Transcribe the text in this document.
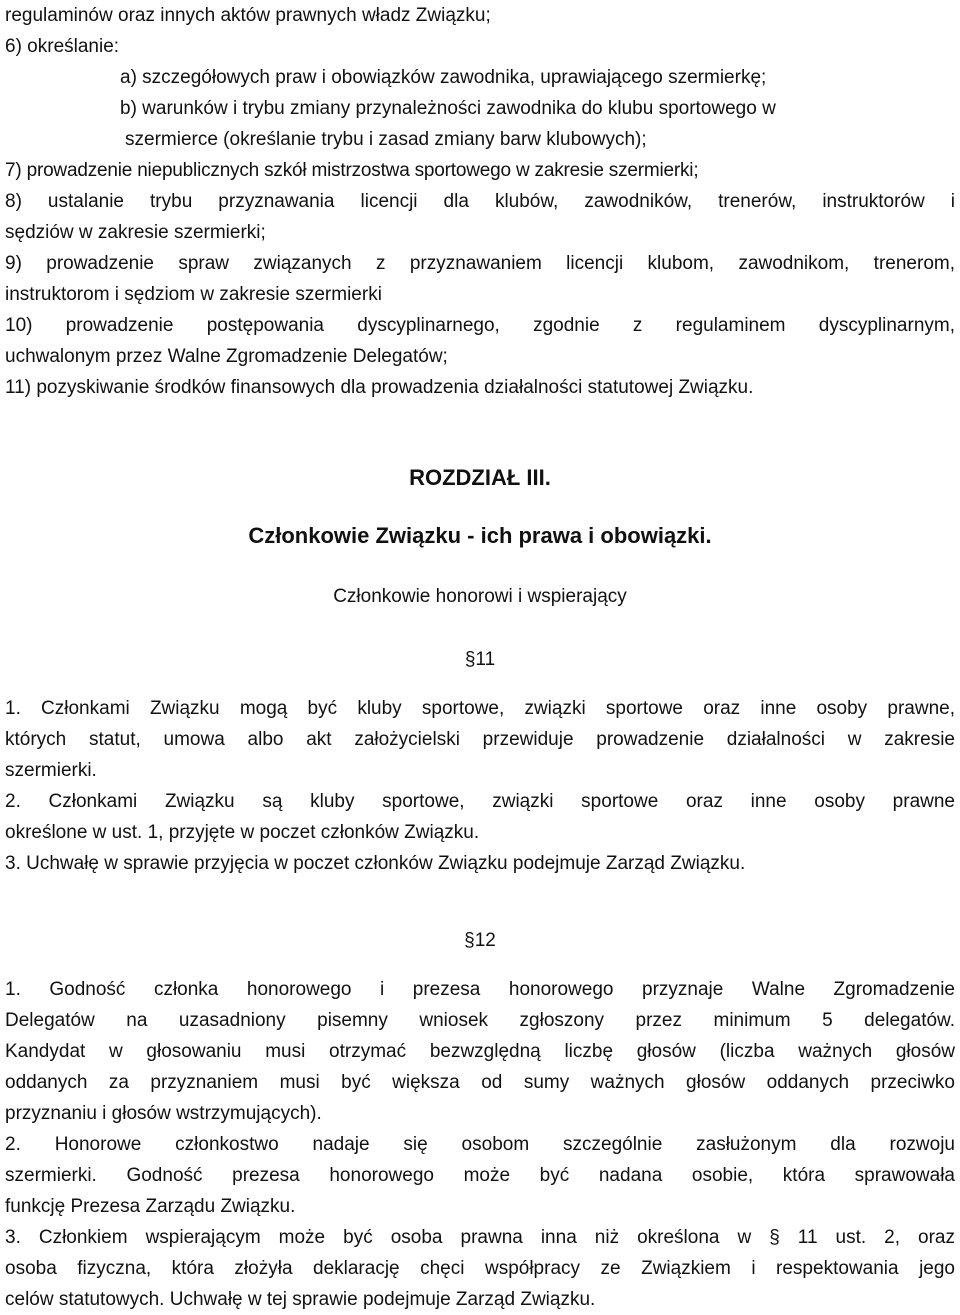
regulaminów oraz innych aktów prawnych władz Związku;
6) określanie:
a) szczegółowych praw i obowiązków zawodnika, uprawiającego szermierkę;
b) warunków i trybu zmiany przynależności zawodnika do klubu sportowego w
szermierce (określanie trybu i zasad zmiany barw klubowych);
7) prowadzenie niepublicznych szkół mistrzostwa sportowego w zakresie szermierki;
8) ustalanie trybu przyznawania licencji dla klubów, zawodników, trenerów, instruktorów i
sędziów w zakresie szermierki;
9) prowadzenie spraw związanych z przyznawaniem licencji klubom, zawodnikom, trenerom,
instruktorom i sędziom w zakresie szermierki
10) prowadzenie postępowania dyscyplinarnego, zgodnie z regulaminem dyscyplinarnym,
uchwalonym przez Walne Zgromadzenie Delegatów;
11) pozyskiwanie środków finansowych dla prowadzenia działalności statutowej Związku.
ROZDZIAŁ III.
Członkowie Związku - ich prawa i obowiązki.
Członkowie honorowi i wspierający
§11
1. Członkami Związku mogą być kluby sportowe, związki sportowe oraz inne osoby prawne,
których statut, umowa albo akt założycielski przewiduje prowadzenie działalności w zakresie
szermierki.
2. Członkami Związku są kluby sportowe, związki sportowe oraz inne osoby prawne
określone w ust. 1, przyjęte w poczet członków Związku.
3. Uchwałę w sprawie przyjęcia w poczet członków Związku podejmuje Zarząd Związku.
§12
1. Godność członka honorowego i prezesa honorowego przyznaje Walne Zgromadzenie
Delegatów na uzasadniony pisemny wniosek zgłoszony przez minimum 5 delegatów.
Kandydat w głosowaniu musi otrzymać bezwzględną liczbę głosów (liczba ważnych głosów
oddanych za przyznaniem musi być większa od sumy ważnych głosów oddanych przeciwko
przyznaniu i głosów wstrzymujących).
2. Honorowe członkostwo nadaje się osobom szczególnie zasłużonym dla rozwoju
szermierki. Godność prezesa honorowego może być nadana osobie, która sprawowała
funkcję Prezesa Zarządu Związku.
3. Członkiem wspierającym może być osoba prawna inna niż określona w § 11 ust. 2, oraz
osoba fizyczna, która złożyła deklarację chęci współpracy ze Związkiem i respektowania jego
celów statutowych. Uchwałę w tej sprawie podejmuje Zarząd Związku.
